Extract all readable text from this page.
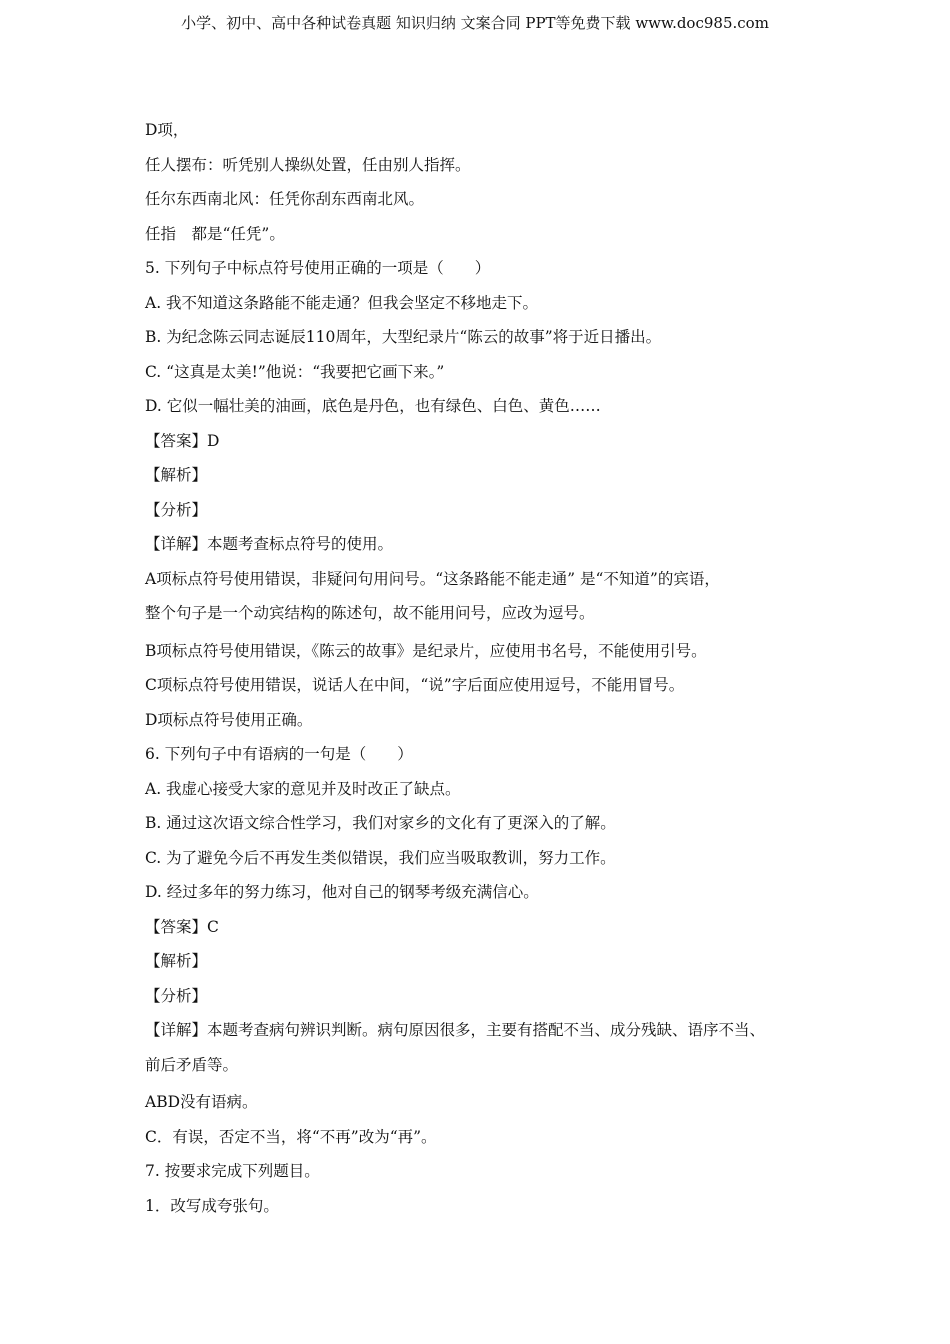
小学、初中、高中各种试卷真题 知识归纳 文案合同 PPT等免费下载 www.doc985.com
D项，
任人摆布：听凭别人操纵处置，任由别人指挥。
任尔东西南北风：任凭你刮东西南北风。
任指　都是“任凭”。
5. 下列句子中标点符号使用正确的一项是（　　）
A. 我不知道这条路能不能走通？但我会坚定不移地走下。
B. 为纪念陈云同志诞辰110周年，大型纪录片“陈云的故事”将于近日播出。
C. “这真是太美!”他说：“我要把它画下来。”
D. 它似一幅壮美的油画，底色是丹色，也有绿色、白色、黄色……
【答案】D
【解析】
【分析】
【详解】本题考查标点符号的使用。
A项标点符号使用错误，非疑问句用问号。“这条路能不能走通” 是“不知道”的宾语，
整个句子是一个动宾结构的陈述句，故不能用问号，应改为逗号。
B项标点符号使用错误，《陈云的故事》是纪录片，应使用书名号，不能使用引号。
C项标点符号使用错误，说话人在中间，“说”字后面应使用逗号，不能用冒号。
D项标点符号使用正确。
6. 下列句子中有语病的一句是（　　）
A. 我虚心接受大家的意见并及时改正了缺点。
B. 通过这次语文综合性学习，我们对家乡的文化有了更深入的了解。
C. 为了避免今后不再发生类似错误，我们应当吸取教训，努力工作。
D. 经过多年的努力练习，他对自己的钢琴考级充满信心。
【答案】C
【解析】
【分析】
【详解】本题考查病句辨识判断。病句原因很多，主要有搭配不当、成分残缺、语序不当、
前后矛盾等。
ABD没有语病。
C．有误，否定不当，将“不再”改为“再”。
7. 按要求完成下列题目。
1．改写成夸张句。
